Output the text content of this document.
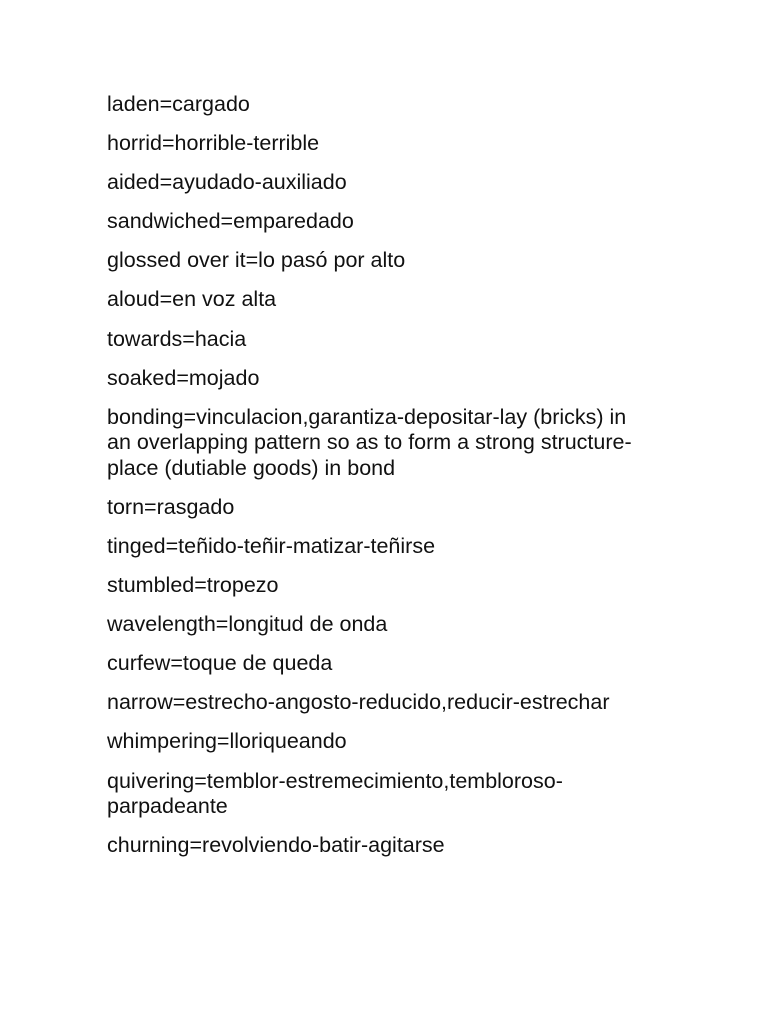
laden=cargado
horrid=horrible-terrible
aided=ayudado-auxiliado
sandwiched=emparedado
glossed over it=lo pasó por alto
aloud=en voz alta
towards=hacia
soaked=mojado
bonding=vinculacion,garantiza-depositar-lay (bricks) in
an overlapping pattern so as to form a strong structure-
place (dutiable goods) in bond
torn=rasgado
tinged=teñido-teñir-matizar-teñirse
stumbled=tropezo
wavelength=longitud de onda
curfew=toque de queda
narrow=estrecho-angosto-reducido,reducir-estrechar
whimpering=lloriqueando
quivering=temblor-estremecimiento,tembloroso-
parpadeante
churning=revolviendo-batir-agitarse
